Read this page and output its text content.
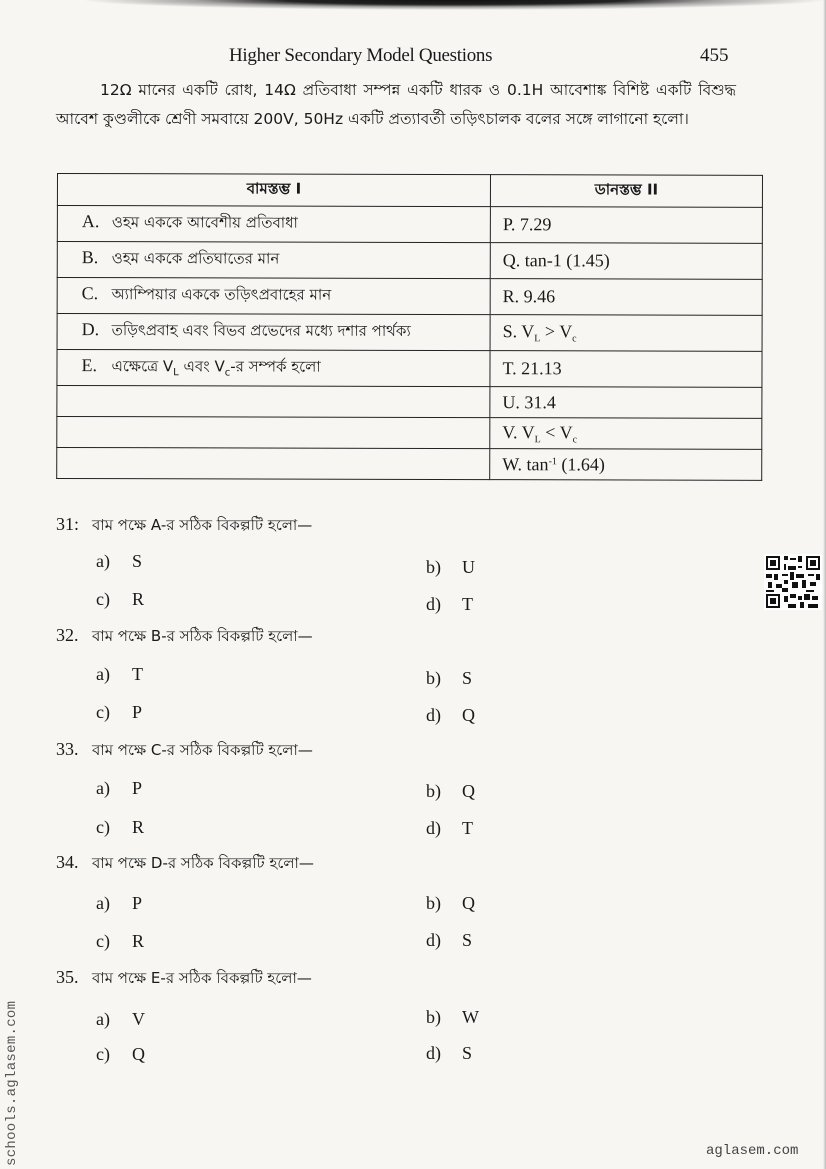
Higher Secondary Model Questions	455
12Ω মানের একটি রোধ, 14Ω প্রতিবাধা সম্পন্ন একটি ধারক ও 0.1H আবেশাঙ্ক বিশিষ্ট একটি বিশুদ্ধ আবেশ কুণ্ডলীকে শ্রেণী সমবায়ে 200V, 50Hz একটি প্রত্যাবর্তী তড়িৎচালক বলের সঙ্গে লাগানো হলো।
বামস্তম্ভ I	ডানস্তম্ভ II
A. ওহম এককে আবেশীয় প্রতিবাধা	P. 7.29
B. ওহম এককে প্রতিঘাতের মান	Q. tan-1 (1.45)
C. অ্যাম্পিয়ার এককে তড়িৎপ্রবাহের মান	R. 9.46
D. তড়িৎপ্রবাহ এবং বিভব প্রভেদের মধ্যে দশার পার্থক্য	S. $V_L > V_c$
E. এক্ষেত্রে $V_L$ এবং $V_c-র$ সম্পর্ক হলো	T. 21.13
	U. 31.4
	V. $V_L < V_c$
	W. $\tan^{-1} (1.64)$
31: বাম পক্ষে A-র সঠিক বিকল্পটি হলো—
a) S	b) U
c) R	d) T
32. বাম পক্ষে B-র সঠিক বিকল্পটি হলো—
a) T	b) S
c) P	d) Q
33. বাম পক্ষে C-র সঠিক বিকল্পটি হলো—
a) P	b) Q
c) R	d) T
34. বাম পক্ষে D-র সঠিক বিকল্পটি হলো—
a) P	b) Q
c) R	d) S
35. বাম পক্ষে E-র সঠিক বিকল্পটি হলো—
a) V	b) W
c) Q	d) S
schools.aglasem.com	aglasem.com
